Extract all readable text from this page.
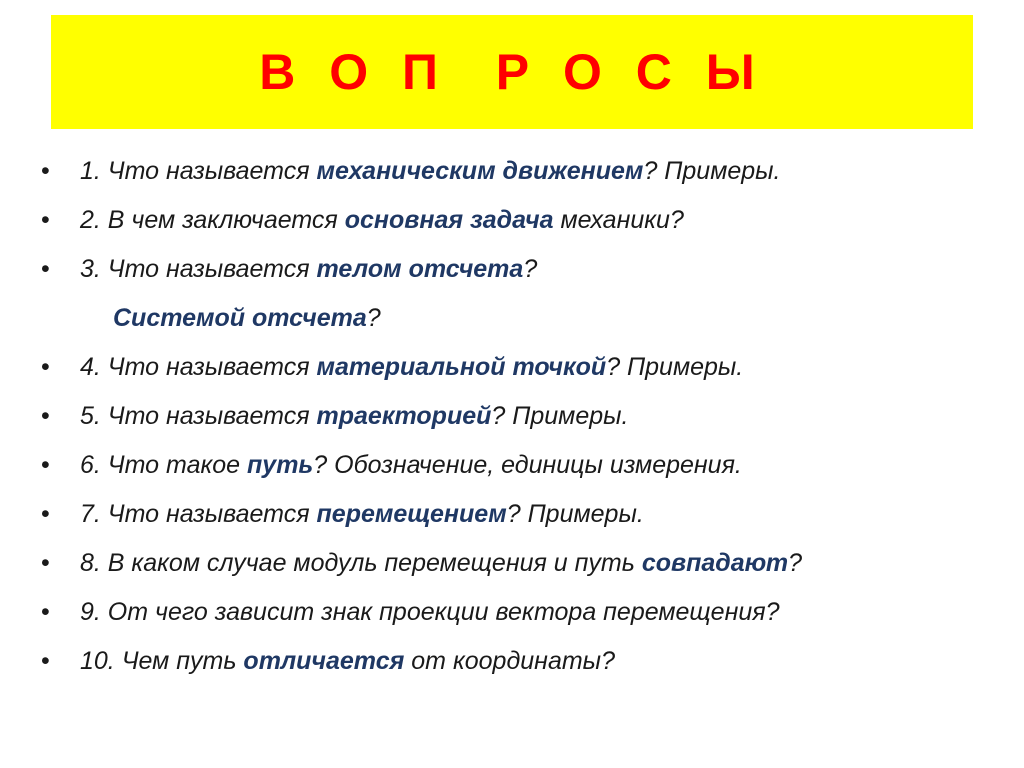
В О П  Р О С Ы
• 1. Что называется механическим движением? Примеры.
• 2. В чем заключается основная задача механики?
• 3. Что называется телом отсчета?
Системой отсчета?
• 4. Что называется материальной точкой? Примеры.
• 5. Что называется траекторией? Примеры.
• 6. Что такое путь? Обозначение, единицы измерения.
• 7. Что называется перемещением? Примеры.
• 8. В каком случае модуль перемещения и путь совпадают?
• 9. От чего зависит знак проекции вектора перемещения?
• 10. Чем путь отличается от координаты?
